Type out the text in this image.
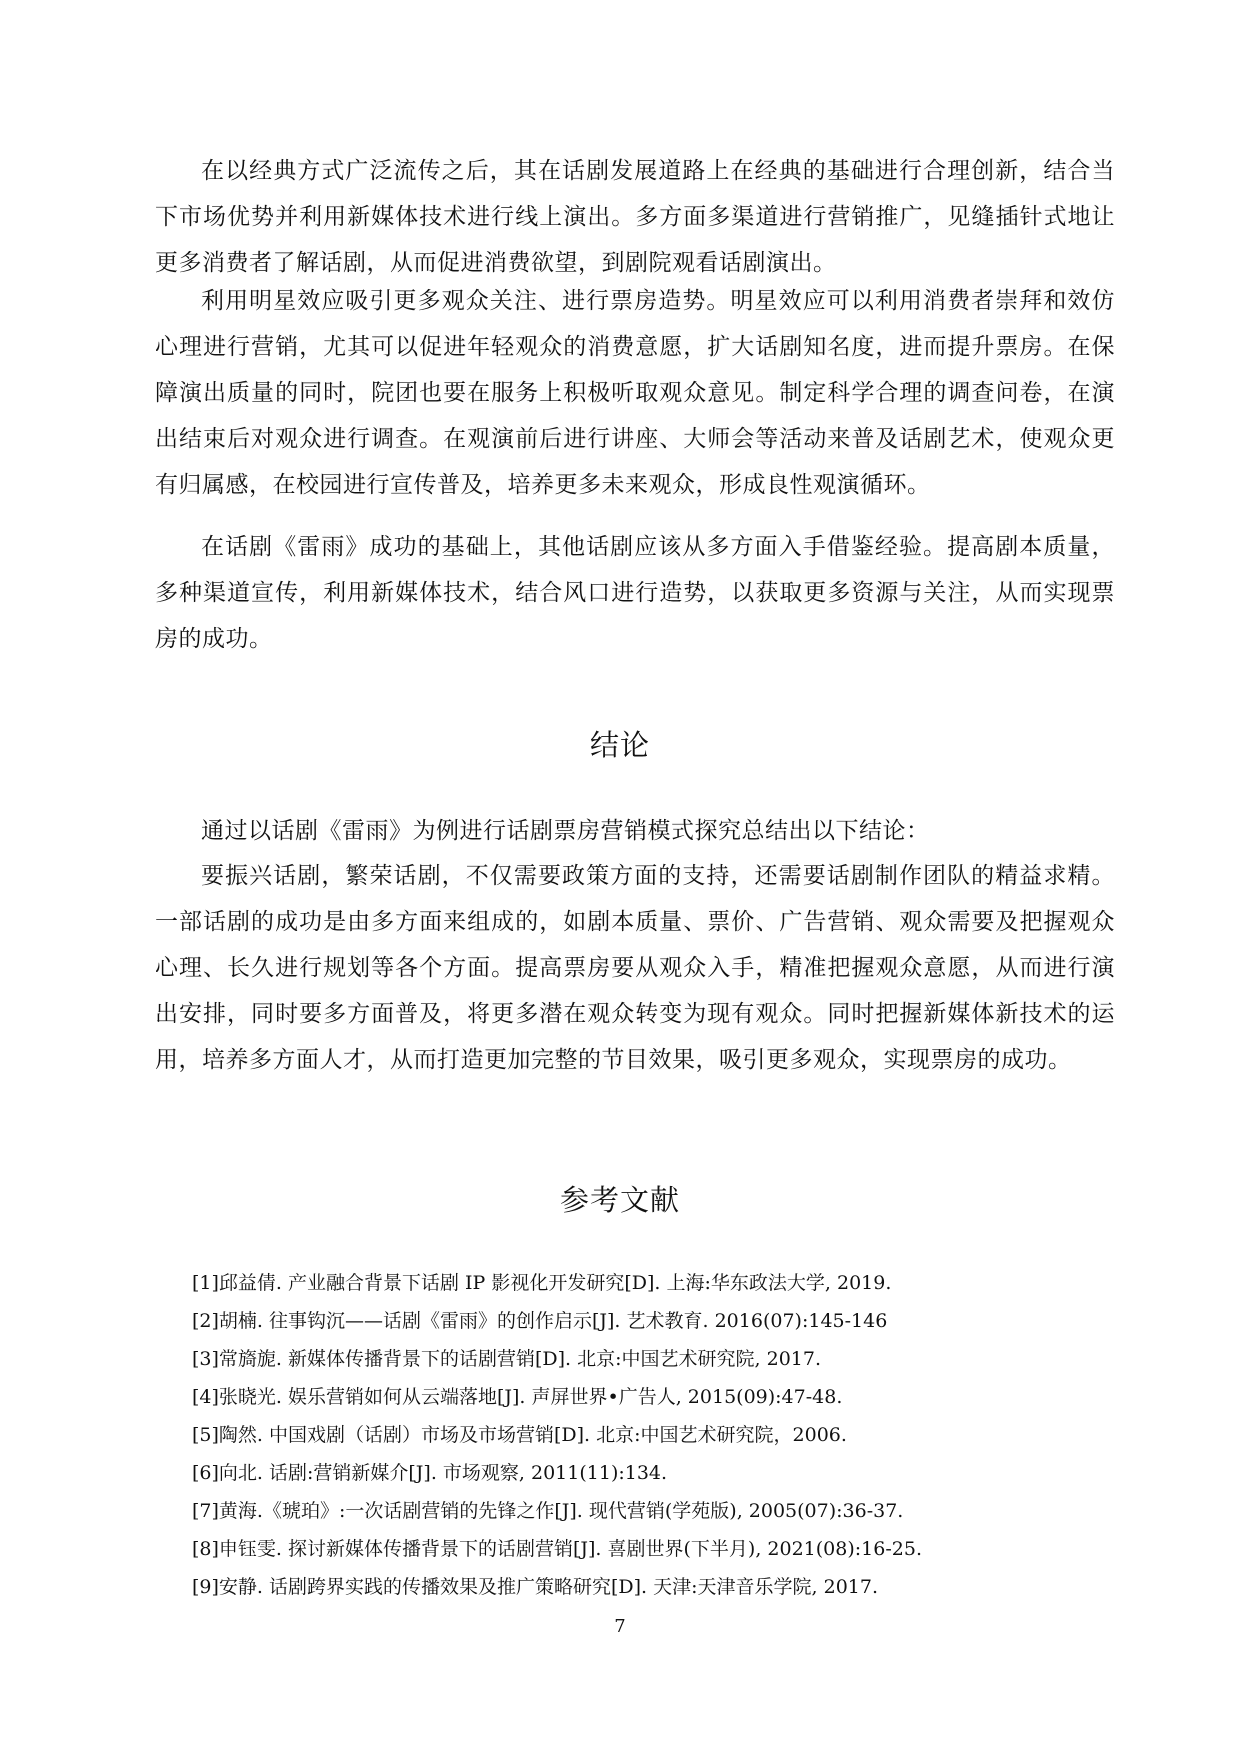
在以经典方式广泛流传之后，其在话剧发展道路上在经典的基础进行合理创新，结合当下市场优势并利用新媒体技术进行线上演出。多方面多渠道进行营销推广，见缝插针式地让更多消费者了解话剧，从而促进消费欲望，到剧院观看话剧演出。

利用明星效应吸引更多观众关注、进行票房造势。明星效应可以利用消费者崇拜和效仿心理进行营销，尤其可以促进年轻观众的消费意愿，扩大话剧知名度，进而提升票房。在保障演出质量的同时，院团也要在服务上积极听取观众意见。制定科学合理的调查问卷，在演出结束后对观众进行调查。在观演前后进行讲座、大师会等活动来普及话剧艺术，使观众更有归属感，在校园进行宣传普及，培养更多未来观众，形成良性观演循环。

在话剧《雷雨》成功的基础上，其他话剧应该从多方面入手借鉴经验。提高剧本质量，多种渠道宣传，利用新媒体技术，结合风口进行造势，以获取更多资源与关注，从而实现票房的成功。

结论

通过以话剧《雷雨》为例进行话剧票房营销模式探究总结出以下结论：

要振兴话剧，繁荣话剧，不仅需要政策方面的支持，还需要话剧制作团队的精益求精。一部话剧的成功是由多方面来组成的，如剧本质量、票价、广告营销、观众需要及把握观众心理、长久进行规划等各个方面。提高票房要从观众入手，精准把握观众意愿，从而进行演出安排，同时要多方面普及，将更多潜在观众转变为现有观众。同时把握新媒体新技术的运用，培养多方面人才，从而打造更加完整的节目效果，吸引更多观众，实现票房的成功。

参考文献
[1]邱益倩. 产业融合背景下话剧 IP 影视化开发研究[D]. 上海:华东政法大学, 2019.
[2]胡楠. 往事钩沉——话剧《雷雨》的创作启示[J]. 艺术教育. 2016(07):145-146
[3]常旖旎. 新媒体传播背景下的话剧营销[D]. 北京:中国艺术研究院, 2017.
[4]张晓光. 娱乐营销如何从云端落地[J]. 声屏世界•广告人, 2015(09):47-48.
[5]陶然. 中国戏剧（话剧）市场及市场营销[D]. 北京:中国艺术研究院，2006.
[6]向北. 话剧:营销新媒介[J]. 市场观察, 2011(11):134.
[7]黄海.《琥珀》:一次话剧营销的先锋之作[J]. 现代营销(学苑版), 2005(07):36-37.
[8]申钰雯. 探讨新媒体传播背景下的话剧营销[J]. 喜剧世界(下半月), 2021(08):16-25.
[9]安静. 话剧跨界实践的传播效果及推广策略研究[D]. 天津:天津音乐学院, 2017.
7
